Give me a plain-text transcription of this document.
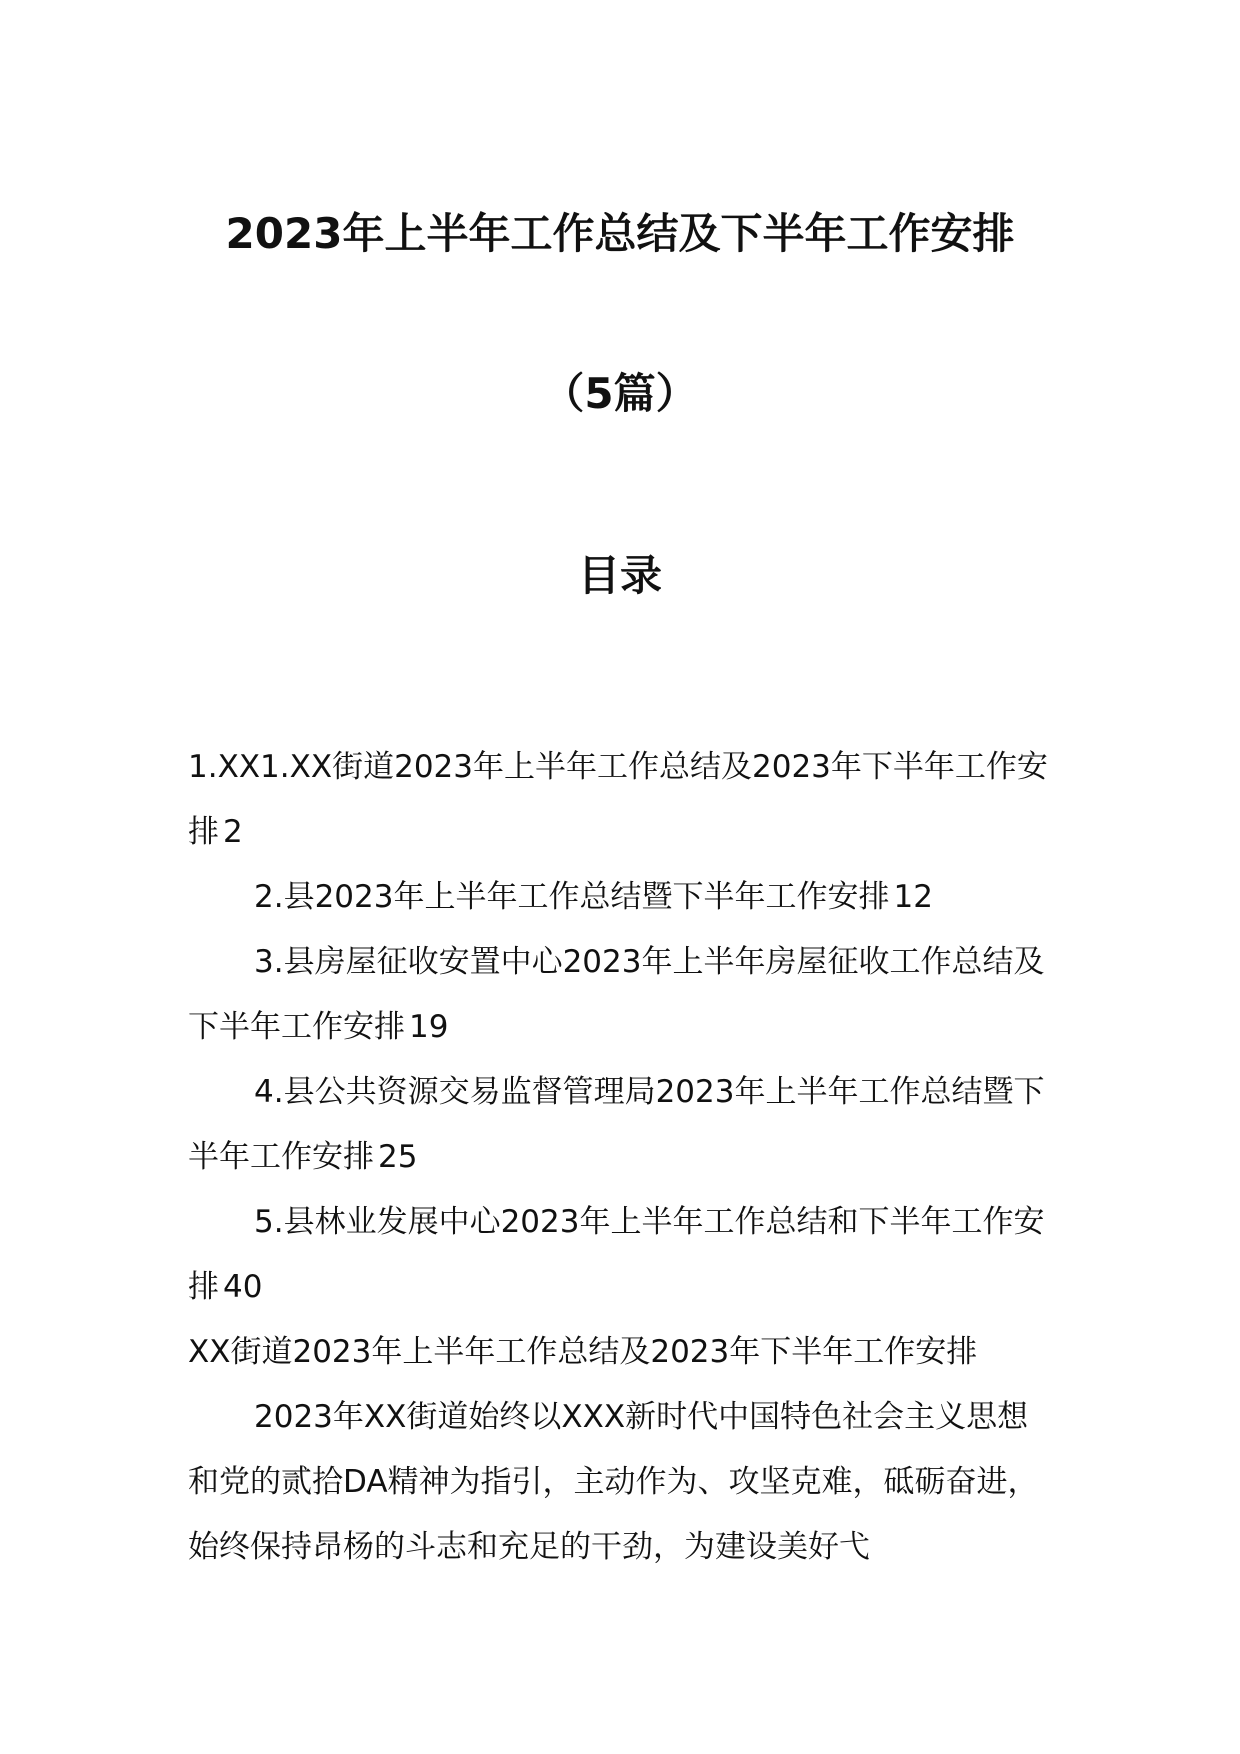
2023年上半年工作总结及下半年工作安排
（5篇）
目录

1.XX1.XX街道2023年上半年工作总结及2023年下半年工作安排 2

2.县2023年上半年工作总结暨下半年工作安排 12

3.县房屋征收安置中心2023年上半年房屋征收工作总结及下半年工作安排 19

4.县公共资源交易监督管理局2023年上半年工作总结暨下半年工作安排 25

5.县林业发展中心2023年上半年工作总结和下半年工作安排 40

XX街道2023年上半年工作总结及2023年下半年工作安排

2023年XX街道始终以XXX新时代中国特色社会主义思想和党的贰拾DA精神为指引，主动作为、攻坚克难，砥砺奋进，始终保持昂杨的斗志和充足的干劲，为建设美好弋
